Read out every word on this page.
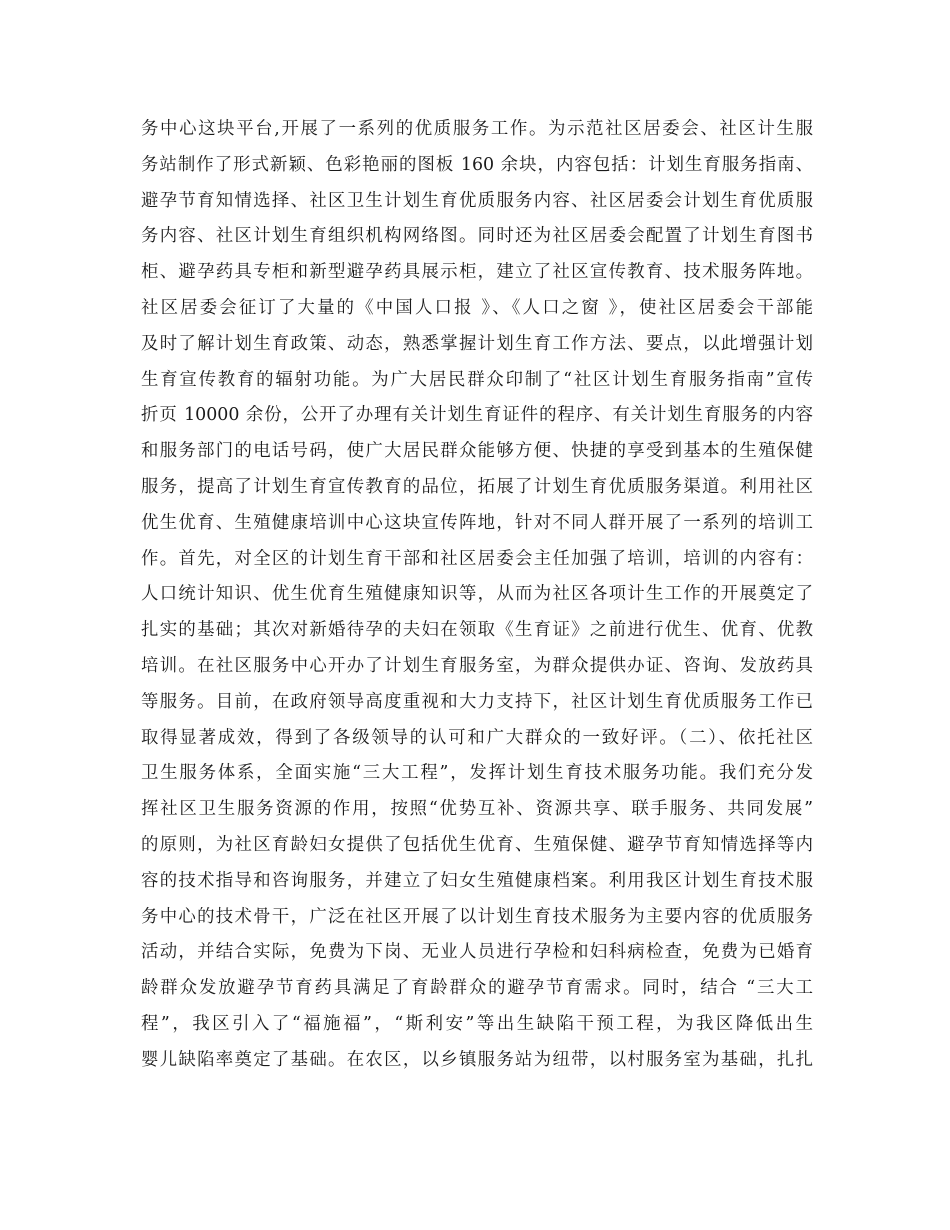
务中心这块平台,开展了一系列的优质服务工作。为示范社区居委会、社区计生服
务站制作了形式新颖、色彩艳丽的图板 160 余块，内容包括：计划生育服务指南、
避孕节育知情选择、社区卫生计划生育优质服务内容、社区居委会计划生育优质服
务内容、社区计划生育组织机构网络图。同时还为社区居委会配置了计划生育图书
柜、避孕药具专柜和新型避孕药具展示柜，建立了社区宣传教育、技术服务阵地。
社区居委会征订了大量的《中国人口报 》、《人口之窗 》，使社区居委会干部能
及时了解计划生育政策、动态，熟悉掌握计划生育工作方法、要点，以此增强计划
生育宣传教育的辐射功能。为广大居民群众印制了“社区计划生育服务指南”宣传
折页 10000 余份，公开了办理有关计划生育证件的程序、有关计划生育服务的内容
和服务部门的电话号码，使广大居民群众能够方便、快捷的享受到基本的生殖保健
服务，提高了计划生育宣传教育的品位，拓展了计划生育优质服务渠道。利用社区
优生优育、生殖健康培训中心这块宣传阵地，针对不同人群开展了一系列的培训工
作。首先，对全区的计划生育干部和社区居委会主任加强了培训，培训的内容有：
人口统计知识、优生优育生殖健康知识等，从而为社区各项计生工作的开展奠定了
扎实的基础；其次对新婚待孕的夫妇在领取《生育证》之前进行优生、优育、优教
培训。在社区服务中心开办了计划生育服务室，为群众提供办证、咨询、发放药具
等服务。目前，在政府领导高度重视和大力支持下，社区计划生育优质服务工作已
取得显著成效，得到了各级领导的认可和广大群众的一致好评。（二）、依托社区
卫生服务体系，全面实施“三大工程”，发挥计划生育技术服务功能。我们充分发
挥社区卫生服务资源的作用，按照“优势互补、资源共享、联手服务、共同发展”
的原则，为社区育龄妇女提供了包括优生优育、生殖保健、避孕节育知情选择等内
容的技术指导和咨询服务，并建立了妇女生殖健康档案。利用我区计划生育技术服
务中心的技术骨干，广泛在社区开展了以计划生育技术服务为主要内容的优质服务
活动，并结合实际，免费为下岗、无业人员进行孕检和妇科病检查，免费为已婚育
龄群众发放避孕节育药具满足了育龄群众的避孕节育需求。同时，结合 “三大工
程”，我区引入了“福施福”，“斯利安”等出生缺陷干预工程，为我区降低出生
婴儿缺陷率奠定了基础。在农区，以乡镇服务站为纽带，以村服务室为基础，扎扎
